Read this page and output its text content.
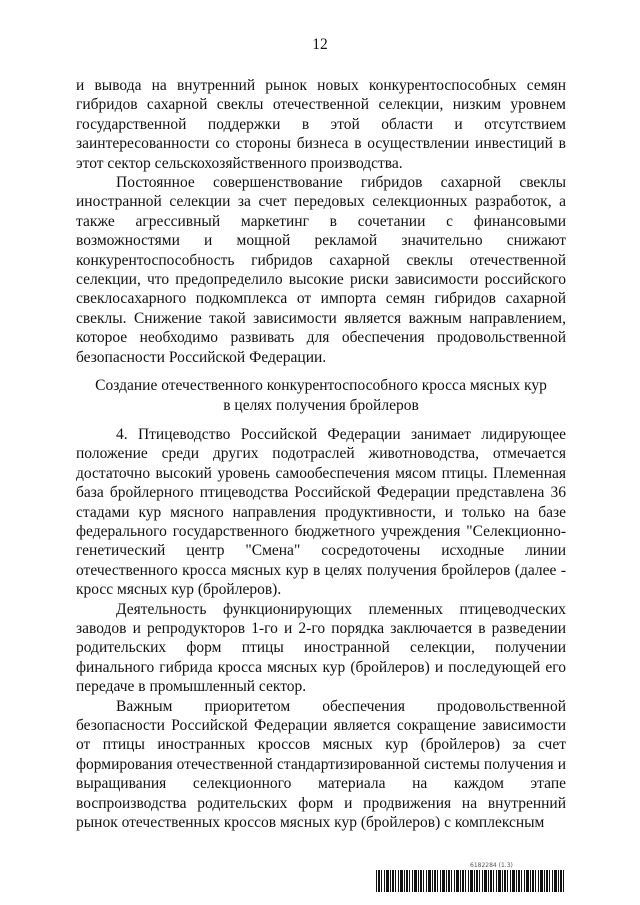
12

и вывода на внутренний рынок новых конкурентоспособных семян гибридов сахарной свеклы отечественной селекции, низким уровнем государственной поддержки в этой области и отсутствием заинтересованности со стороны бизнеса в осуществлении инвестиций в этот сектор сельскохозяйственного производства.

Постоянное совершенствование гибридов сахарной свеклы иностранной селекции за счет передовых селекционных разработок, а также агрессивный маркетинг в сочетании с финансовыми возможностями и мощной рекламой значительно снижают конкурентоспособность гибридов сахарной свеклы отечественной селекции, что предопределило высокие риски зависимости российского свеклосахарного подкомплекса от импорта семян гибридов сахарной свеклы. Снижение такой зависимости является важным направлением, которое необходимо развивать для обеспечения продовольственной безопасности Российской Федерации.

Создание отечественного конкурентоспособного кросса мясных кур
в целях получения бройлеров

4. Птицеводство Российской Федерации занимает лидирующее положение среди других подотраслей животноводства, отмечается достаточно высокий уровень самообеспечения мясом птицы. Племенная база бройлерного птицеводства Российской Федерации представлена 36 стадами кур мясного направления продуктивности, и только на базе федерального государственного бюджетного учреждения "Селекционно-генетический центр "Смена" сосредоточены исходные линии отечественного кросса мясных кур в целях получения бройлеров (далее - кросс мясных кур (бройлеров).

Деятельность функционирующих племенных птицеводческих заводов и репродукторов 1-го и 2-го порядка заключается в разведении родительских форм птицы иностранной селекции, получении финального гибрида кросса мясных кур (бройлеров) и последующей его передаче в промышленный сектор.

Важным приоритетом обеспечения продовольственной безопасности Российской Федерации является сокращение зависимости от птицы иностранных кроссов мясных кур (бройлеров) за счет формирования отечественной стандартизированной системы получения и выращивания селекционного материала на каждом этапе воспроизводства родительских форм и продвижения на внутренний рынок отечественных кроссов мясных кур (бройлеров) с комплексным

6182284 (1.3)
